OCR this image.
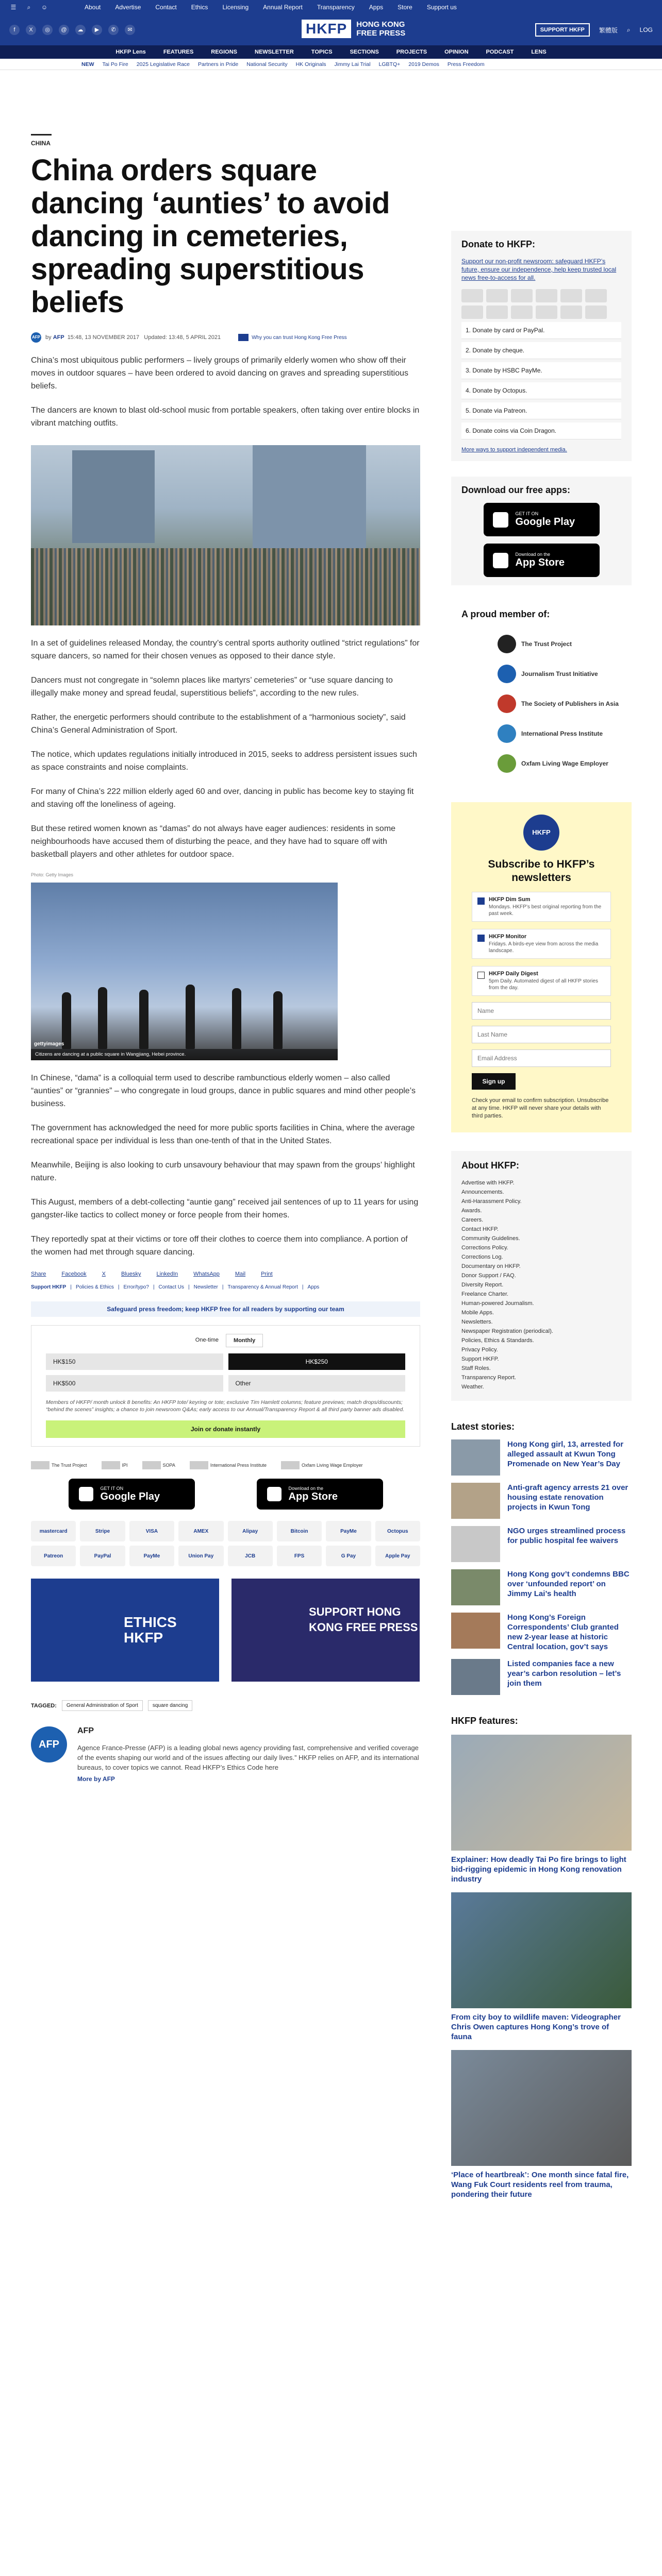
☰	⌕	☺	About Advertise Contact Ethics Licensing Annual Report Transparency Apps Store Support us
f	X	◎	@	☁	▶	✆	✉	HKFP	HONG KONG
FREE PRESS	SUPPORT HKFP	繁體版 ⌕ LOG
HKFP Lens	FEATURES	REGIONS	NEWSLETTER	TOPICS	SECTIONS	PROJECTS	OPINION	PODCAST	LENS
NEW Tai Po Fire 2025 Legislative Race Partners in Pride National Security HK Originals Jimmy Lai Trial LGBTQ+ 2019 Demos Press Freedom
CHINA
China orders square dancing ‘aunties’ to avoid dancing in cemeteries, spreading superstitious beliefs
AFP by
AFP 15:48, 13 NOVEMBER 2017 Updated: 13:48, 5 APRIL 2021	Why you can trust Hong Kong Free Press

China’s most ubiquitous public performers – lively groups of primarily elderly women who show off their moves in outdoor squares – have been ordered to avoid dancing on graves and spreading superstitious beliefs.

The dancers are known to blast old-school music from portable speakers, often taking over entire blocks in vibrant matching outfits.

In a set of guidelines released Monday, the country’s central sports authority outlined “strict regulations” for square dancers, so named for their chosen venues as opposed to their dance style.

Dancers must not congregate in “solemn places like martyrs’ cemeteries” or “use square dancing to illegally make money and spread feudal, superstitious beliefs”, according to the new rules.

Rather, the energetic performers should contribute to the establishment of a “harmonious society”, said China’s General Administration of Sport.

The notice, which updates regulations initially introduced in 2015, seeks to address persistent issues such as space constraints and noise complaints.

For many of China’s 222 million elderly aged 60 and over, dancing in public has become key to staying fit and staving off the loneliness of ageing.

But these retired women known as “damas” do not always have eager audiences: residents in some neighbourhoods have accused them of disturbing the peace, and they have had to square off with basketball players and other athletes for outdoor space.

Photo: Getty Images
gettyimages
Citizens are dancing at a public square in Wangjiang, Hebei province.

In Chinese, “dama” is a colloquial term used to describe rambunctious elderly women – also called “aunties” or “grannies” – who congregate in loud groups, dance in public squares and mind other people’s business.

The government has acknowledged the need for more public sports facilities in China, where the average recreational space per individual is less than one-tenth of that in the United States.

Meanwhile, Beijing is also looking to curb unsavoury behaviour that may spawn from the groups’ highlight nature.

This August, members of a debt-collecting “auntie gang” received jail sentences of up to 11 years for using gangster-like tactics to collect money or force people from their homes.

They reportedly spat at their victims or tore off their clothes to coerce them into compliance. A portion of the women had met through square dancing.

Share	Facebook	X	Bluesky	LinkedIn	WhatsApp	Mail	Print
Support HKFP | Policies & Ethics | Error/typo? | Contact Us | Newsletter | Transparency & Annual Report | Apps
Safeguard press freedom; keep HKFP free for all readers by supporting our team
One-time	Monthly
HK$150	HK$250
HK$500	Other
Members of HKFP/ month unlock 8 benefits: An HKFP tote/ keyring or tote; exclusive Tim Hamlett columns; feature previews; match drops/discounts; “behind the scenes” insights; a chance to join newsroom Q&As; early access to our Annual/Transparency Report & all third party banner ads disabled.
Join or donate instantly
The Trust Project	IPI	SOPA	International Press Institute	Oxfam Living Wage Employer
GET IT ON
Google Play
Download on the
App Store
mastercard	Stripe	VISA	AMEX	Alipay	Bitcoin	PayMe	Octopus
Patreon	PayPal	PayMe	Union Pay	JCB	FPS	G Pay	Apple Pay
ETHICS
HKFP
SUPPORT HONG KONG FREE PRESS
TAGGED:	General Administration of Sport	square dancing
AFP
AFP
Agence France-Presse (AFP) is a leading global news agency providing fast, comprehensive and verified coverage of the events shaping our world and of the issues affecting our daily lives.” HKFP relies on AFP, and its international bureaus, to cover topics we cannot. Read HKFP’s Ethics Code here
More by AFP
Donate to HKFP:
Support our non-profit newsroom: safeguard HKFP’s future, ensure our independence, help keep trusted local news free-to-access for all.
1. Donate by card or PayPal.
2. Donate by cheque.
3. Donate by HSBC PayMe.
4. Donate by Octopus.
5. Donate via Patreon.
6. Donate coins via Coin Dragon.
More ways to support independent media.
Download our free apps:
GET IT ON
Google Play
Download on the
App Store
A proud member of:
The Trust Project
Journalism Trust Initiative
The Society of Publishers in Asia
International Press Institute
Oxfam Living Wage Employer
HKFP
Subscribe to HKFP’s newsletters
HKFP Dim Sum
Mondays. HKFP’s best original reporting from the past week.
HKFP Monitor
Fridays. A birds-eye view from across the media landscape.
HKFP Daily Digest
5pm Daily. Automated digest of all HKFP stories from the day.
Name Last Name Email Address
Sign up
Check your email to confirm subscription. Unsubscribe at any time. HKFP will never share your details with third parties.
About HKFP:
Advertise with HKFP.
Announcements.
Anti-Harassment Policy.
Awards.
Careers.
Contact HKFP.
Community Guidelines.
Corrections Policy.
Corrections Log.
Documentary on HKFP.
Donor Support / FAQ.
Diversity Report.
Freelance Charter.
Human-powered Journalism.
Mobile Apps.
Newsletters.
Newspaper Registration (periodical).
Policies, Ethics & Standards.
Privacy Policy.
Support HKFP.
Staff Roles.
Transparency Report.
Weather.
Latest stories:
Hong Kong girl, 13, arrested for alleged assault at Kwun Tong Promenade on New Year’s Day
Anti-graft agency arrests 21 over housing estate renovation projects in Kwun Tong
NGO urges streamlined process for public hospital fee waivers
Hong Kong gov’t condemns BBC over ‘unfounded report’ on Jimmy Lai’s health
Hong Kong’s Foreign Correspondents’ Club granted new 2-year lease at historic Central location, gov’t says
Listed companies face a new year’s carbon resolution – let’s join them
HKFP features:
Explainer: How deadly Tai Po fire brings to light bid-rigging epidemic in Hong Kong renovation industry
From city boy to wildlife maven: Videographer Chris Owen captures Hong Kong’s trove of fauna
‘Place of heartbreak’: One month since fatal fire, Wang Fuk Court residents reel from trauma, pondering their future
